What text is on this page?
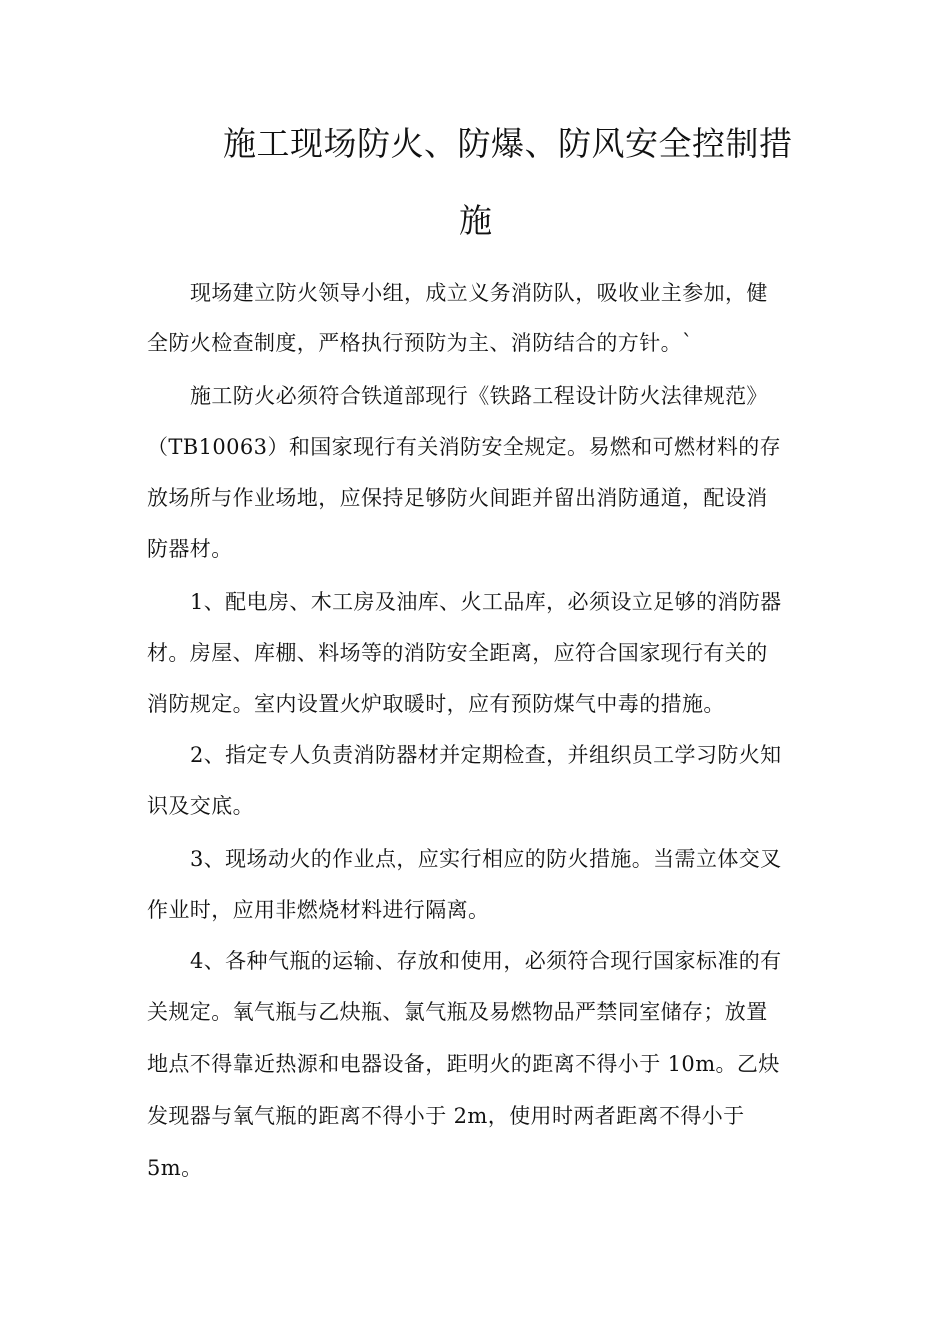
施工现场防火、防爆、防风安全控制措
施
现场建立防火领导小组，成立义务消防队，吸收业主参加，健
全防火检查制度，严格执行预防为主、消防结合的方针。`
施工防火必须符合铁道部现行《铁路工程设计防火法律规范》
（TB10063）和国家现行有关消防安全规定。易燃和可燃材料的存
放场所与作业场地，应保持足够防火间距并留出消防通道，配设消
防器材。
1、配电房、木工房及油库、火工品库，必须设立足够的消防器
材。房屋、库棚、料场等的消防安全距离，应符合国家现行有关的
消防规定。室内设置火炉取暖时，应有预防煤气中毒的措施。
2、指定专人负责消防器材并定期检查，并组织员工学习防火知
识及交底。
3、现场动火的作业点，应实行相应的防火措施。当需立体交叉
作业时，应用非燃烧材料进行隔离。
4、各种气瓶的运输、存放和使用，必须符合现行国家标准的有
关规定。氧气瓶与乙炔瓶、氯气瓶及易燃物品严禁同室储存；放置
地点不得靠近热源和电器设备，距明火的距离不得小于 10m。乙炔
发现器与氧气瓶的距离不得小于 2m，使用时两者距离不得小于
5m。
